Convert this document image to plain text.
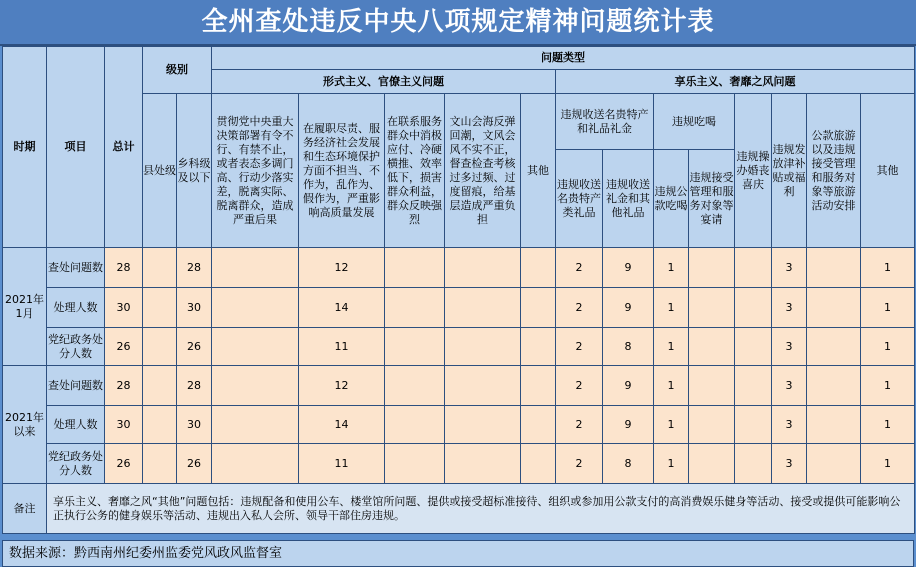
全州查处违反中央八项规定精神问题统计表
时期	项目	总计	级别		问题类型												
					形式主义、官僚主义问题					享乐主义、奢靡之风问题							
			县处级	乡科级及以下	贯彻党中央重大决策部署有令不行、有禁不止，或者表态多调门高、行动少落实差，脱离实际、脱离群众，造成严重后果	在履职尽责、服务经济社会发展和生态环境保护方面不担当、不作为，乱作为、假作为，严重影响高质量发展	在联系服务群众中消极应付、冷硬横推、效率低下，损害群众利益，群众反映强烈	文山会海反弹回潮，文风会风不实不正，督查检查考核过多过频、过度留痕，给基层造成严重负担	其他	违规收送名贵特产和礼品礼金		违规吃喝		违规操办婚丧喜庆	违规发放津补贴或福利	公款旅游以及违规接受管理和服务对象等旅游活动安排	其他
										违规收送名贵特产类礼品	违规收送礼金和其他礼品	违规公款吃喝	违规接受管理和服务对象等宴请				
2021年1月	查处问题数	28		28		12				2	9	1			3		1
	处理人数	30		30		14				2	9	1			3		1
	党纪政务处分人数	26		26		11				2	8	1			3		1
2021年以来	查处问题数	28		28		12				2	9	1			3		1
	处理人数	30		30		14				2	9	1			3		1
	党纪政务处分人数	26		26		11				2	8	1			3		1
备注	享乐主义、奢靡之风“其他”问题包括：违规配备和使用公车、楼堂馆所问题、提供或接受超标准接待、组织或参加用公款支付的高消费娱乐健身等活动、接受或提供可能影响公正执行公务的健身娱乐等活动、违规出入私人会所、领导干部住房违规。																
数据来源：黔西南州纪委州监委党风政风监督室
